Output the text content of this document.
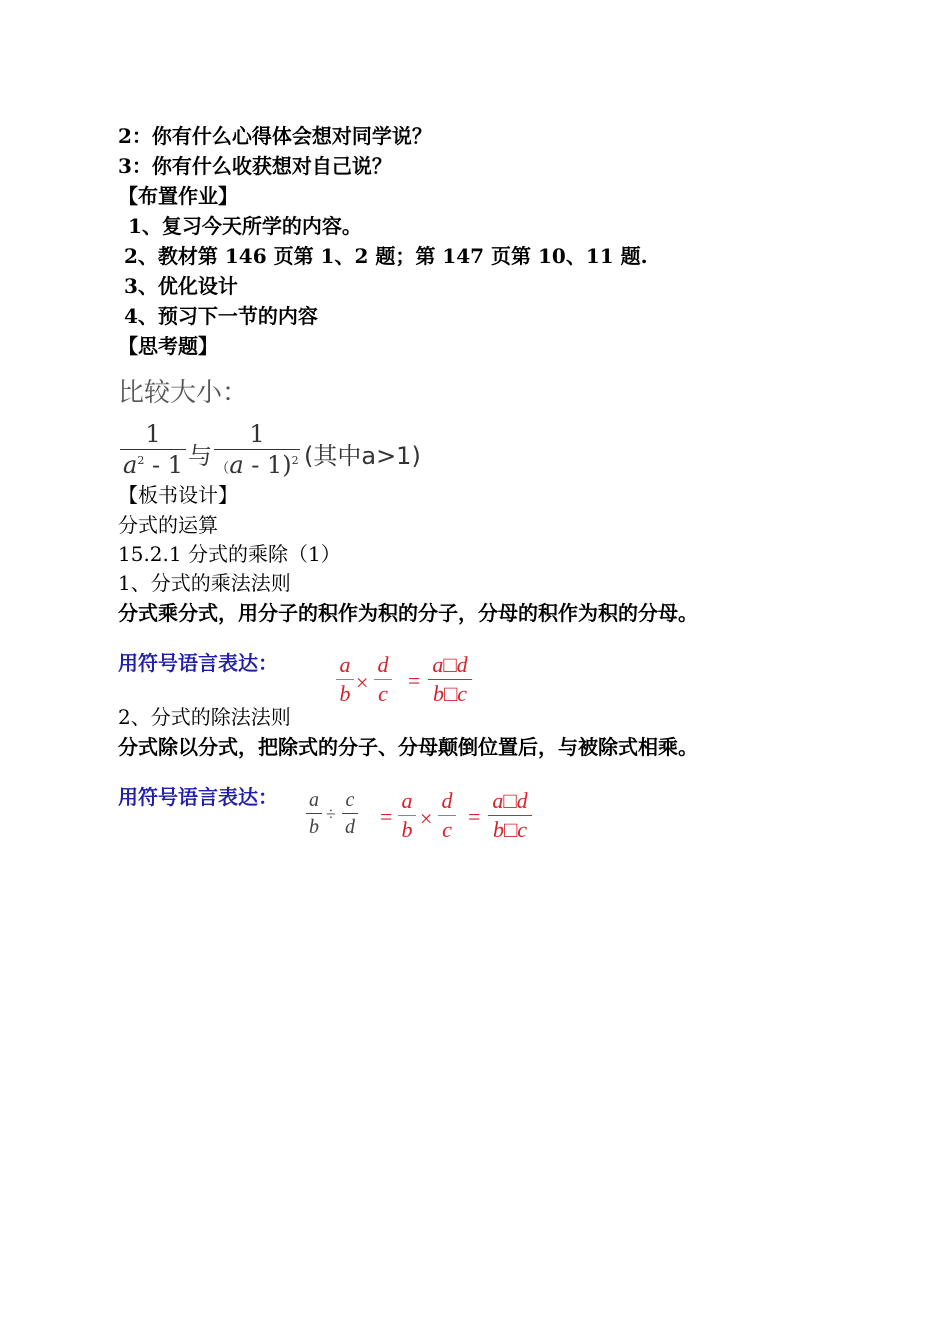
2：你有什么心得体会想对同学说？
3：你有什么收获想对自己说？
【布置作业】
1、复习今天所学的内容。
2、教材第 146 页第 1、2 题；第 147 页第 10、11 题.
3、优化设计
4、预习下一节的内容
【思考题】
比较大小：
1
$a^2 - 1$ 与
1
（a - 1)$^2$ (其中a>1)
【板书设计】
分式的运算
15.2.1 分式的乘除（1）
1、分式的乘法法则
分式乘分式，用分子的积作为积的分子，分母的积作为积的分母。
用符号语言表达：	a
b ×
d
c
=
a□d
b□c
2、分式的除法法则
分式除以分式，把除式的分子、分母颠倒位置后，与被除式相乘。
用符号语言表达： a
b
÷
c
d =
a
b ×
d
c
=
a□d
b□c
